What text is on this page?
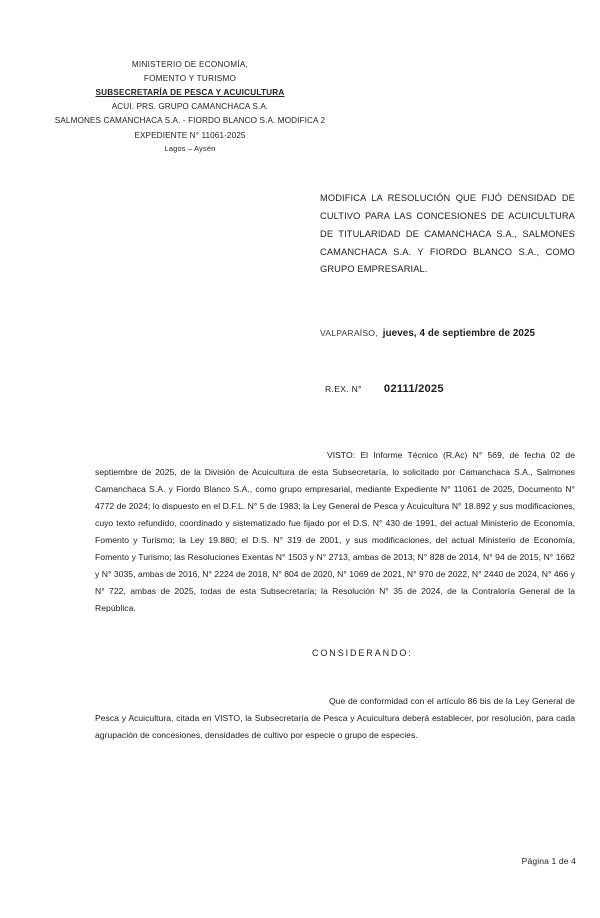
MINISTERIO DE ECONOMÍA,
FOMENTO Y TURISMO
SUBSECRETARÍA DE PESCA Y ACUICULTURA
ACUI. PRS. GRUPO CAMANCHACA S.A.
SALMONES CAMANCHACA S.A. - FIORDO BLANCO S.A. MODIFICA 2
EXPEDIENTE N° 11061-2025
Lagos – Aysén
MODIFICA LA RESOLUCIÓN QUE FIJÓ DENSIDAD DE CULTIVO PARA LAS CONCESIONES DE ACUICULTURA DE TITULARIDAD DE CAMANCHACA S.A., SALMONES CAMANCHACA S.A. Y FIORDO BLANCO S.A., COMO GRUPO EMPRESARIAL.
VALPARAÍSO, jueves, 4 de septiembre de 2025
R.EX. N° 02111/2025

VISTO: El Informe Técnico (R.Ac) N° 569, de fecha 02 de septiembre de 2025, de la División de Acuicultura de esta Subsecretaría, lo solicitado por Camanchaca S.A., Salmones Camanchaca S.A. y Fiordo Blanco S.A., como grupo empresarial, mediante Expediente N° 11061 de 2025, Documento N° 4772 de 2024; lo dispuesto en el D.F.L. N° 5 de 1983; la Ley General de Pesca y Acuicultura N° 18.892 y sus modificaciones, cuyo texto refundido, coordinado y sistematizado fue fijado por el D.S. N° 430 de 1991, del actual Ministerio de Economía, Fomento y Turismo; la Ley 19.880; el D.S. N° 319 de 2001, y sus modificaciones, del actual Ministerio de Economía, Fomento y Turismo; las Resoluciones Exentas N° 1503 y N° 2713, ambas de 2013; N° 828 de 2014, N° 94 de 2015, N° 1662 y N° 3035, ambas de 2016, N° 2224 de 2018, N° 804 de 2020, N° 1069 de 2021, N° 970 de 2022, N° 2440 de 2024, N° 466 y N° 722, ambas de 2025, todas de esta Subsecretaría; la Resolución N° 35 de 2024, de la Contraloría General de la República.

CONSIDERANDO:

Que de conformidad con el artículo 86 bis de la Ley General de Pesca y Acuicultura, citada en VISTO, la Subsecretaría de Pesca y Acuicultura deberá establecer, por resolución, para cada agrupación de concesiones, densidades de cultivo por especie o grupo de especies.

Página 1 de 4
